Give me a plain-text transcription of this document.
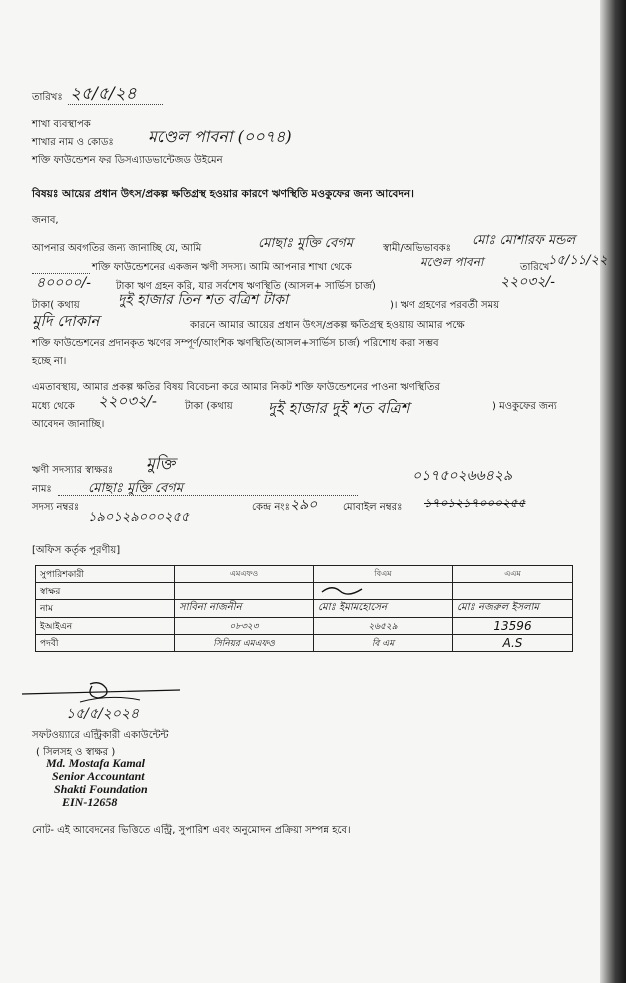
তারিখঃ ২৫/৫/২৪
শাখা ব্যবস্থাপক
শাখার নাম ও কোডঃ মণ্ডেল পাবনা (০০৭৪)
শক্তি ফাউন্ডেশন ফর ডিসএ্যাডভান্টেজড উইমেন
বিষয়ঃ আয়ের প্রধান উৎস/প্রকল্প ক্ষতিগ্রস্থ হওয়ার কারণে ঋণস্থিতি মওকুফের জন্য আবেদন।
জনাব,
আপনার অবগতির জন্য জানাচ্ছি যে, আমি	মোছাঃ মুক্তি বেগম	স্বামী/অভিভাবকঃ
মোঃ মোশারফ মন্ডল
শক্তি ফাউন্ডেশনের একজন ঋণী সদস্য। আমি আপনার শাখা থেকে	মণ্ডেল পাবনা	তারিখে
১৫/১১/২২
৪০০০০/-	টাকা ঋণ গ্রহন করি, যার সর্বশেষ ঋণস্থিতি (আসল+ সার্ভিস চার্জ)	২২০৩২/-
টাকা( কথায়	দুই হাজার তিন শত বত্রিশ টাকা	)। ঋণ গ্রহণের পরবর্তী সময়
মুদি দোকান	কারনে আমার আয়ের প্রধান উৎস/প্রকল্প ক্ষতিগ্রস্থ হওয়ায় আমার পক্ষে
শক্তি ফাউন্ডেশনের প্রদানকৃত ঋণের সম্পূর্ণ/আংশিক ঋণস্থিতি(আসল+সার্ভিস চার্জ) পরিশোধ করা সম্ভব
হচ্ছে না।
এমতাবস্থায়, আমার প্রকল্প ক্ষতির বিষয় বিবেচনা করে আমার নিকট শক্তি ফাউন্ডেশনের পাওনা ঋণস্থিতির
মধ্যে থেকে ২২০৩২/-	টাকা (কথায় দুই হাজার দুই শত বত্রিশ	) মওকুফের জন্য
আবেদন জানাচ্ছি।
ঋণী সদস্যার স্বাক্ষরঃ মুক্তি
০১৭৫০২৬৬৪২৯
নামঃ	মোছাঃ মুক্তি বেগম
সদস্য নম্বরঃ
১৯০১২৯০০০২৫৫
কেন্দ্র নংঃ ২৯০	মোবাইল নম্বরঃ ১৭০১২১৭০০০২৫৫
[অফিস কর্তৃক পূরণীয়]
সুপারিশকারী	এমএফও	বিএম	এএম
স্বাক্ষর			
নাম	সাবিনা নাজনীন	মোঃ ইমামহোসেন	মোঃ নজরুল ইসলাম
ইআইএন	০৮৩২৩	২৬৫২৯	13596
পদবী	সিনিয়র এমএফও	বি এম	A.S
১৫/৫/২০২৪
সফটওয়্যারে এন্ট্রিকারী একাউন্টেন্ট
( সিলসহ ও স্বাক্ষর )
Md. Mostafa Kamal
Senior Accountant
Shakti Foundation
EIN-12658
নোট- এই আবেদনের ভিত্তিতে এন্ট্রি, সুপারিশ এবং অনুমোদন প্রক্রিয়া সম্পন্ন হবে।
